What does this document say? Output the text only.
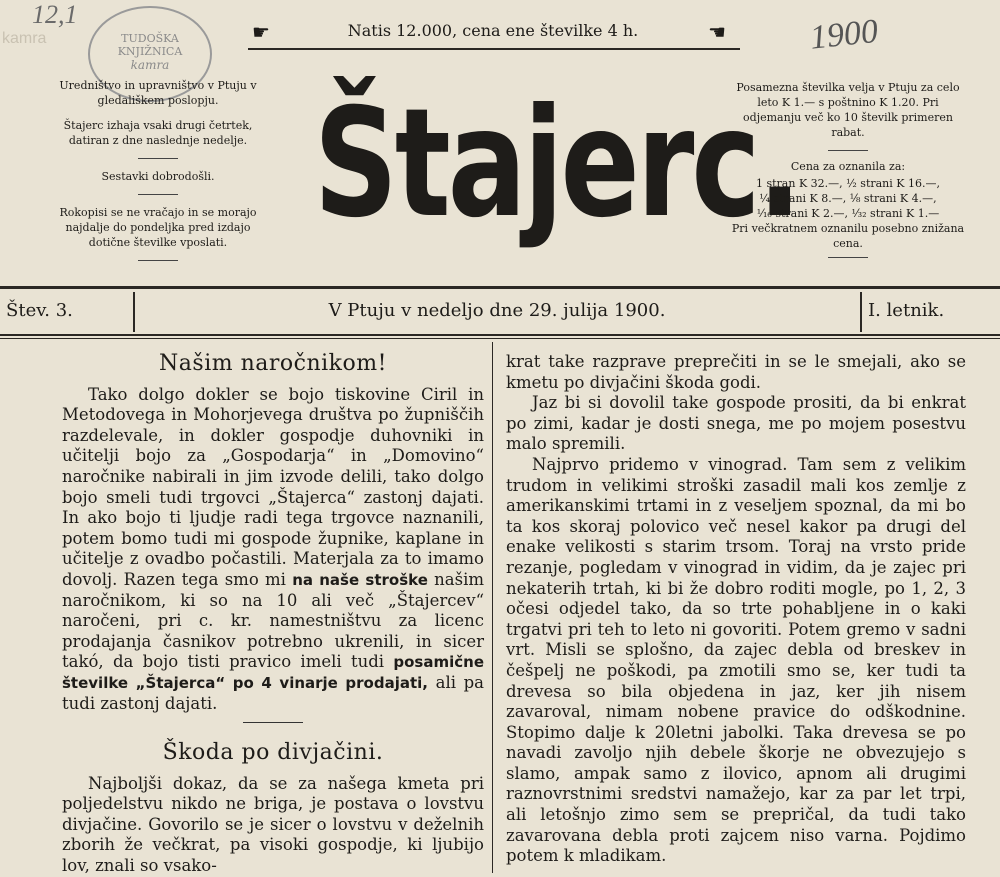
kamra
12,1
TUDOŠKA KNJIŽNICA
kamra

Uredništvo in upravništvo v Ptuju v gledališkem poslopju.

Štajerc izhaja vsaki drugi četrtek, datiran z dne naslednje nedelje.

Sestavki dobrodošli.

Rokopisi se ne vračajo in se morajo najdalje do pondeljka pred izdajo dotične številke vposlati.

☛	Natis 12.000, cena ene številke 4 h.	☛
Štajerc.
1900

Posamezna številka velja v Ptuju za celo leto K 1.— s poštnino K 1.20. Pri odjemanju več ko 10 številk primeren rabat.

Cena za oznanila za:

1 stran K 32.—, ½ strani K 16.—,

¼ strani K 8.—, ⅛ strani K 4.—,

¹⁄₁₆ strani K 2.—, ¹⁄₃₂ strani K 1.—

Pri večkratnem oznanilu posebno znižana cena.

Štev. 3.	V Ptuju v nedeljo dne 29. julija 1900.	I. letnik.
Našim naročnikom!

Tako dolgo dokler se bojo tiskovine Ciril in Metodovega in Mohorjevega društva po župniščih razdelevale, in dokler gospodje duhovniki in učitelji bojo za „Gospodarja“ in „Domovino“ naročnike nabirali in jim izvode delili, tako dolgo bojo smeli tudi trgovci „Štajerca“ zastonj dajati. In ako bojo ti ljudje radi tega trgovce naznanili, potem bomo tudi mi gospode župnike, kaplane in učitelje z ovadbo počastili. Materjala za to imamo dovolj. Razen tega smo mi na naše stroške našim naročnikom, ki so na 10 ali več „Štajercev“ naročeni, pri c. kr. namestništvu za licenc prodajanja časnikov potrebno ukrenili, in sicer takó, da bojo tisti pravico imeli tudi posamične številke „Štajerca“ po 4 vinarje prodajati, ali pa tudi zastonj dajati.

Škoda po divjačini.

Najboljši dokaz, da se za našega kmeta pri poljedelstvu nikdo ne briga, je postava o lovstvu divjačine. Govorilo se je sicer o lovstvu v deželnih zborih že večkrat, pa visoki gospodje, ki ljubijo lov, znali so vsako-

krat take razprave preprečiti in se le smejali, ako se kmetu po divjačini škoda godi.

Jaz bi si dovolil take gospode prositi, da bi enkrat po zimi, kadar je dosti snega, me po mojem posestvu malo spremili.

Najprvo pridemo v vinograd. Tam sem z velikim trudom in velikimi stroški zasadil mali kos zemlje z amerikanskimi trtami in z veseljem spoznal, da mi bo ta kos skoraj polovico več nesel kakor pa drugi del enake velikosti s starim trsom. Toraj na vrsto pride rezanje, pogledam v vinograd in vidim, da je zajec pri nekaterih trtah, ki bi že dobro roditi mogle, po 1, 2, 3 očesi odjedel tako, da so trte pohabljene in o kaki trgatvi pri teh to leto ni govoriti. Potem gremo v sadni vrt. Misli se splošno, da zajec debla od breskev in češpelj ne poškodi, pa zmotili smo se, ker tudi ta drevesa so bila objedena in jaz, ker jih nisem zavaroval, nimam nobene pravice do odškodnine. Stopimo dalje k 20letni jabolki. Taka drevesa se po navadi zavoljo njih debele škorje ne obvezujejo s slamo, ampak samo z ilovico, apnom ali drugimi raznovrstnimi sredstvi namažejo, kar za par let trpi, ali letošnjo zimo sem se prepričal, da tudi tako zavarovana debla proti zajcem niso varna. Pojdimo potem k mladikam.
